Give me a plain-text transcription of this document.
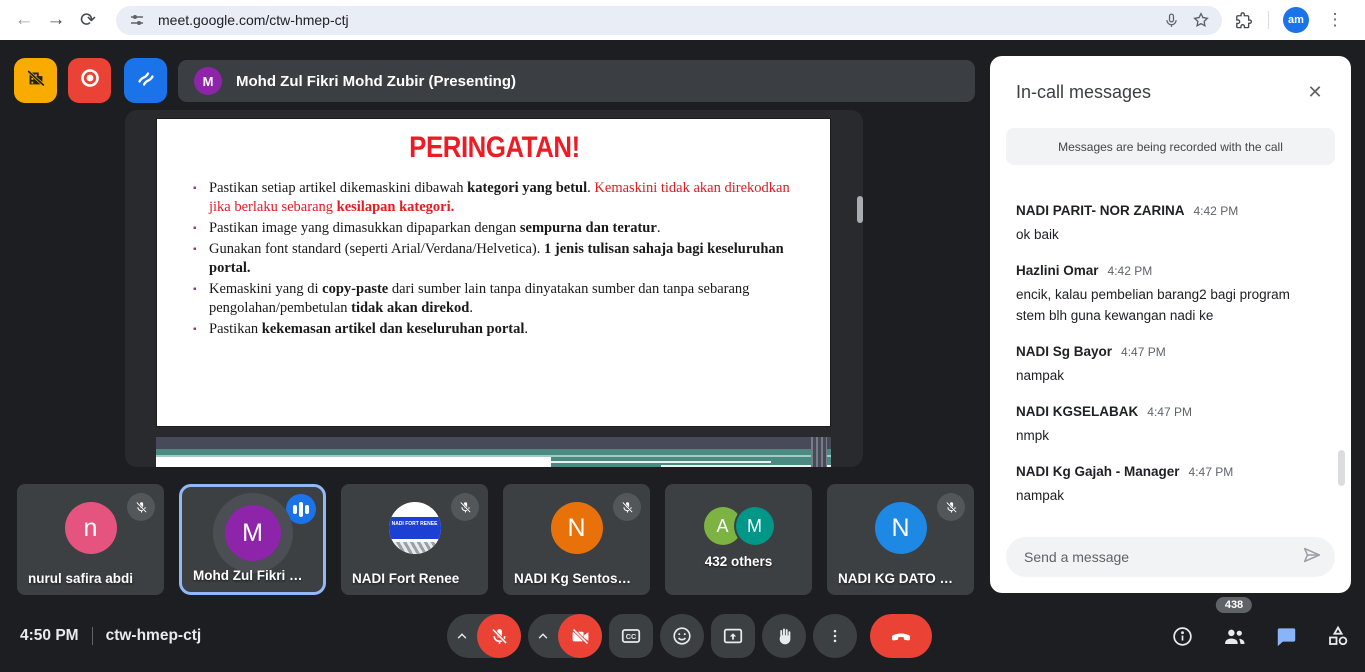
← → ⟳	meet.google.com/ctw-hmep-ctj	am ⋮
M	Mohd Zul Fikri Mohd Zubir (Presenting)
PERINGATAN!
▪ Pastikan setiap artikel dikemaskini dibawah kategori yang betul. Kemaskini tidak akan direkodkan jika berlaku sebarang kesilapan kategori.
▪ Pastikan image yang dimasukkan dipaparkan dengan sempurna dan teratur.
▪ Gunakan font standard (seperti Arial/Verdana/Helvetica). 1 jenis tulisan sahaja bagi keseluruhan portal.
▪ Kemaskini yang di copy-paste dari sumber lain tanpa dinyatakan sumber dan tanpa sebarang pengolahan/pembetulan tidak akan direkod.
▪ Pastikan kekemasan artikel dan keseluruhan portal.
In-call messages	✕
Messages are being recorded with the call
NADI PARIT- NOR ZARINA 4:42 PM
ok baik
Hazlini Omar 4:42 PM
encik, kalau pembelian barang2 bagi program stem blh guna kewangan nadi ke
NADI Sg Bayor 4:47 PM
nampak
NADI KGSELABAK 4:47 PM
nmpk
NADI Kg Gajah - Manager 4:47 PM
nampak
Send a message
n
nurul safira abdi
M
Mohd Zul Fikri …
NADI FORT RENEE
NADI Fort Renee
N
NADI Kg Sentos…
A	M
432 others
N
NADI KG DATO …
4:50 PM ctw-hmep-ctj	CC
438
